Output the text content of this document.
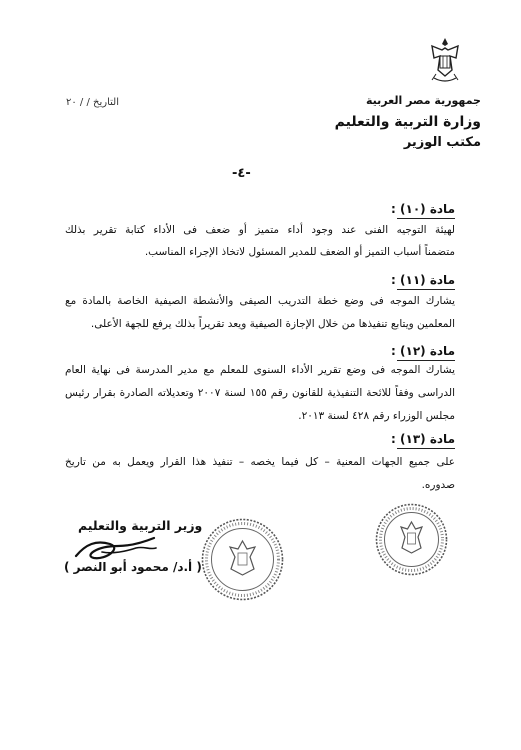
جمهورية مصر العربية
وزارة التربية والتعليم
مكتب الوزير
التاريخ / / ٢٠
-٤-
مادة (١٠) :
لهيئة التوجيه الفنى عند وجود أداء متميز أو ضعف فى الأداء كتابة تقرير بذلك
متضمناً أسباب التميز أو الضعف للمدير المسئول لاتخاذ الإجراء المناسب.
مادة (١١) :
يشارك الموجه فى وضع خطة التدريب الصيفى والأنشطة الصيفية الخاصة بالمادة مع
المعلمين ويتابع تنفيذها من خلال الإجازة الصيفية ويعد تقريراً بذلك يرفع للجهة الأعلى.
مادة (١٢) :
يشارك الموجه فى وضع تقرير الأداء السنوى للمعلم مع مدير المدرسة فى نهاية العام
الدراسى وفقاً للائحة التنفيذية للقانون رقم ١٥٥ لسنة ٢٠٠٧ وتعديلاته الصادرة بقرار رئيس
مجلس الوزراء رقم ٤٢٨ لسنة ٢٠١٣.
مادة (١٣) :
على جميع الجهات المعنية – كل فيما يخصه – تنفيذ هذا القرار ويعمل به من تاريخ
صدوره.
وزير التربية والتعليم
( أ.د/ محمود أبو النصر )
